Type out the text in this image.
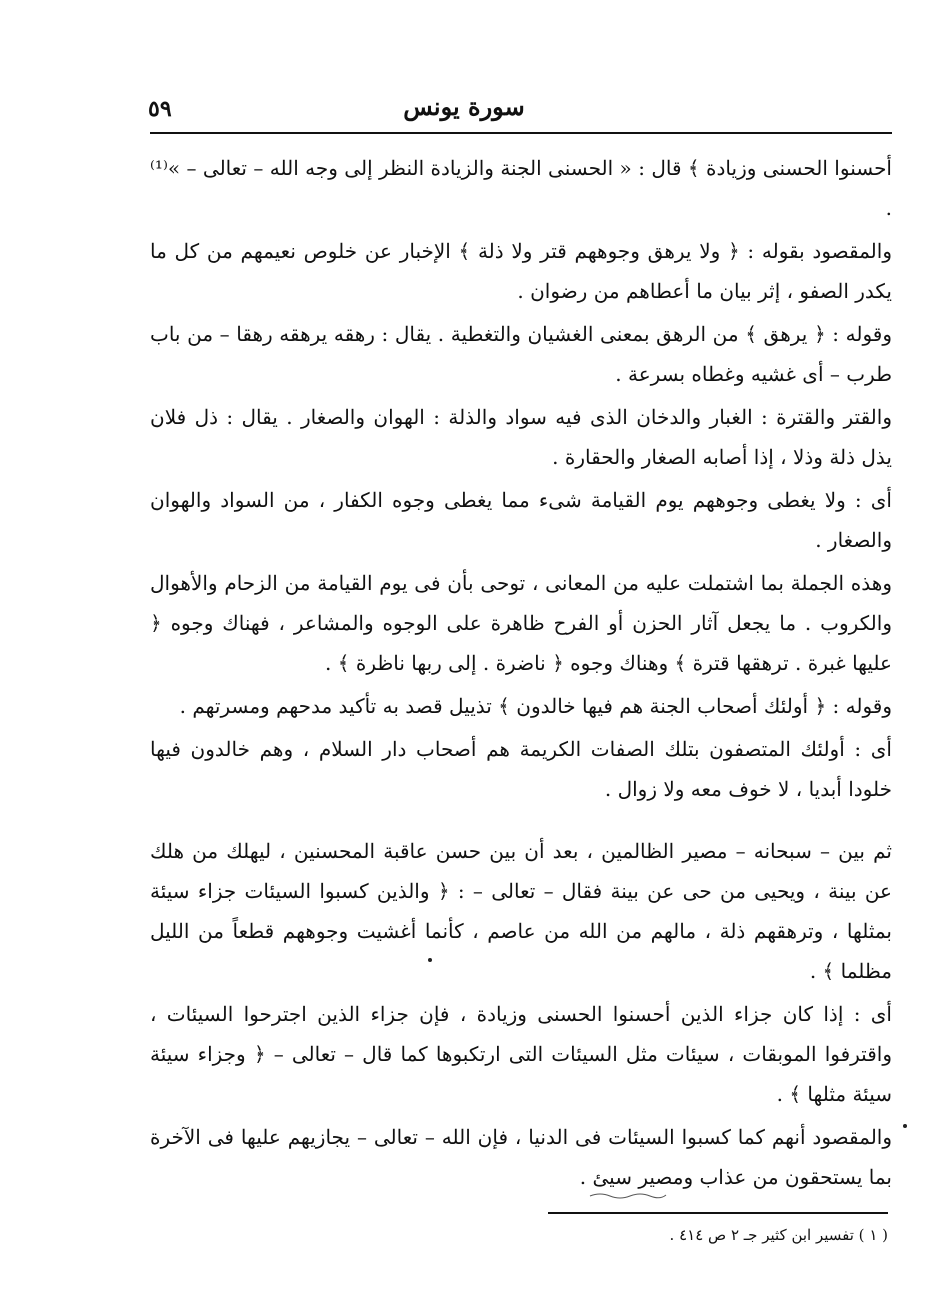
٥٩	سورة يونس

أحسنوا الحسنى وزيادة ﴾ قال : « الحسنى الجنة والزيادة النظر إلى وجه الله – تعالى – »⁽¹⁾ .

والمقصود بقوله : ﴿ ولا يرهق وجوههم قتر ولا ذلة ﴾ الإخبار عن خلوص نعيمهم من كل ما يكدر الصفو ، إثر بيان ما أعطاهم من رضوان .

وقوله : ﴿ يرهق ﴾ من الرهق بمعنى الغشيان والتغطية . يقال : رهقه يرهقه رهقا – من باب طرب – أى غشيه وغطاه بسرعة .

والقتر والقترة : الغبار والدخان الذى فيه سواد والذلة : الهوان والصغار . يقال : ذل فلان يذل ذلة وذلا ، إذا أصابه الصغار والحقارة .

أى : ولا يغطى وجوههم يوم القيامة شىء مما يغطى وجوه الكفار ، من السواد والهوان والصغار .

وهذه الجملة بما اشتملت عليه من المعانى ، توحى بأن فى يوم القيامة من الزحام والأهوال والكروب . ما يجعل آثار الحزن أو الفرح ظاهرة على الوجوه والمشاعر ، فهناك وجوه ﴿ عليها غبرة . ترهقها قترة ﴾ وهناك وجوه ﴿ ناضرة . إلى ربها ناظرة ﴾ .

وقوله : ﴿ أولئك أصحاب الجنة هم فيها خالدون ﴾ تذييل قصد به تأكيد مدحهم ومسرتهم .

أى : أولئك المتصفون بتلك الصفات الكريمة هم أصحاب دار السلام ، وهم خالدون فيها خلودا أبديا ، لا خوف معه ولا زوال .

ثم بين – سبحانه – مصير الظالمين ، بعد أن بين حسن عاقبة المحسنين ، ليهلك من هلك عن بينة ، ويحيى من حى عن بينة فقال – تعالى – : ﴿ والذين كسبوا السيئات جزاء سيئة بمثلها ، وترهقهم ذلة ، مالهم من الله من عاصم ، كأنما أغشيت وجوههم قطعاً من الليل مظلما ﴾ .

أى : إذا كان جزاء الذين أحسنوا الحسنى وزيادة ، فإن جزاء الذين اجترحوا السيئات ، واقترفوا الموبقات ، سيئات مثل السيئات التى ارتكبوها كما قال – تعالى – ﴿ وجزاء سيئة سيئة مثلها ﴾ .

والمقصود أنهم كما كسبوا السيئات فى الدنيا ، فإن الله – تعالى – يجازيهم عليها فى الآخرة بما يستحقون من عذاب ومصير سيئ .

( ١ ) تفسير ابن كثير جـ ٢ ص ٤١٤ .
